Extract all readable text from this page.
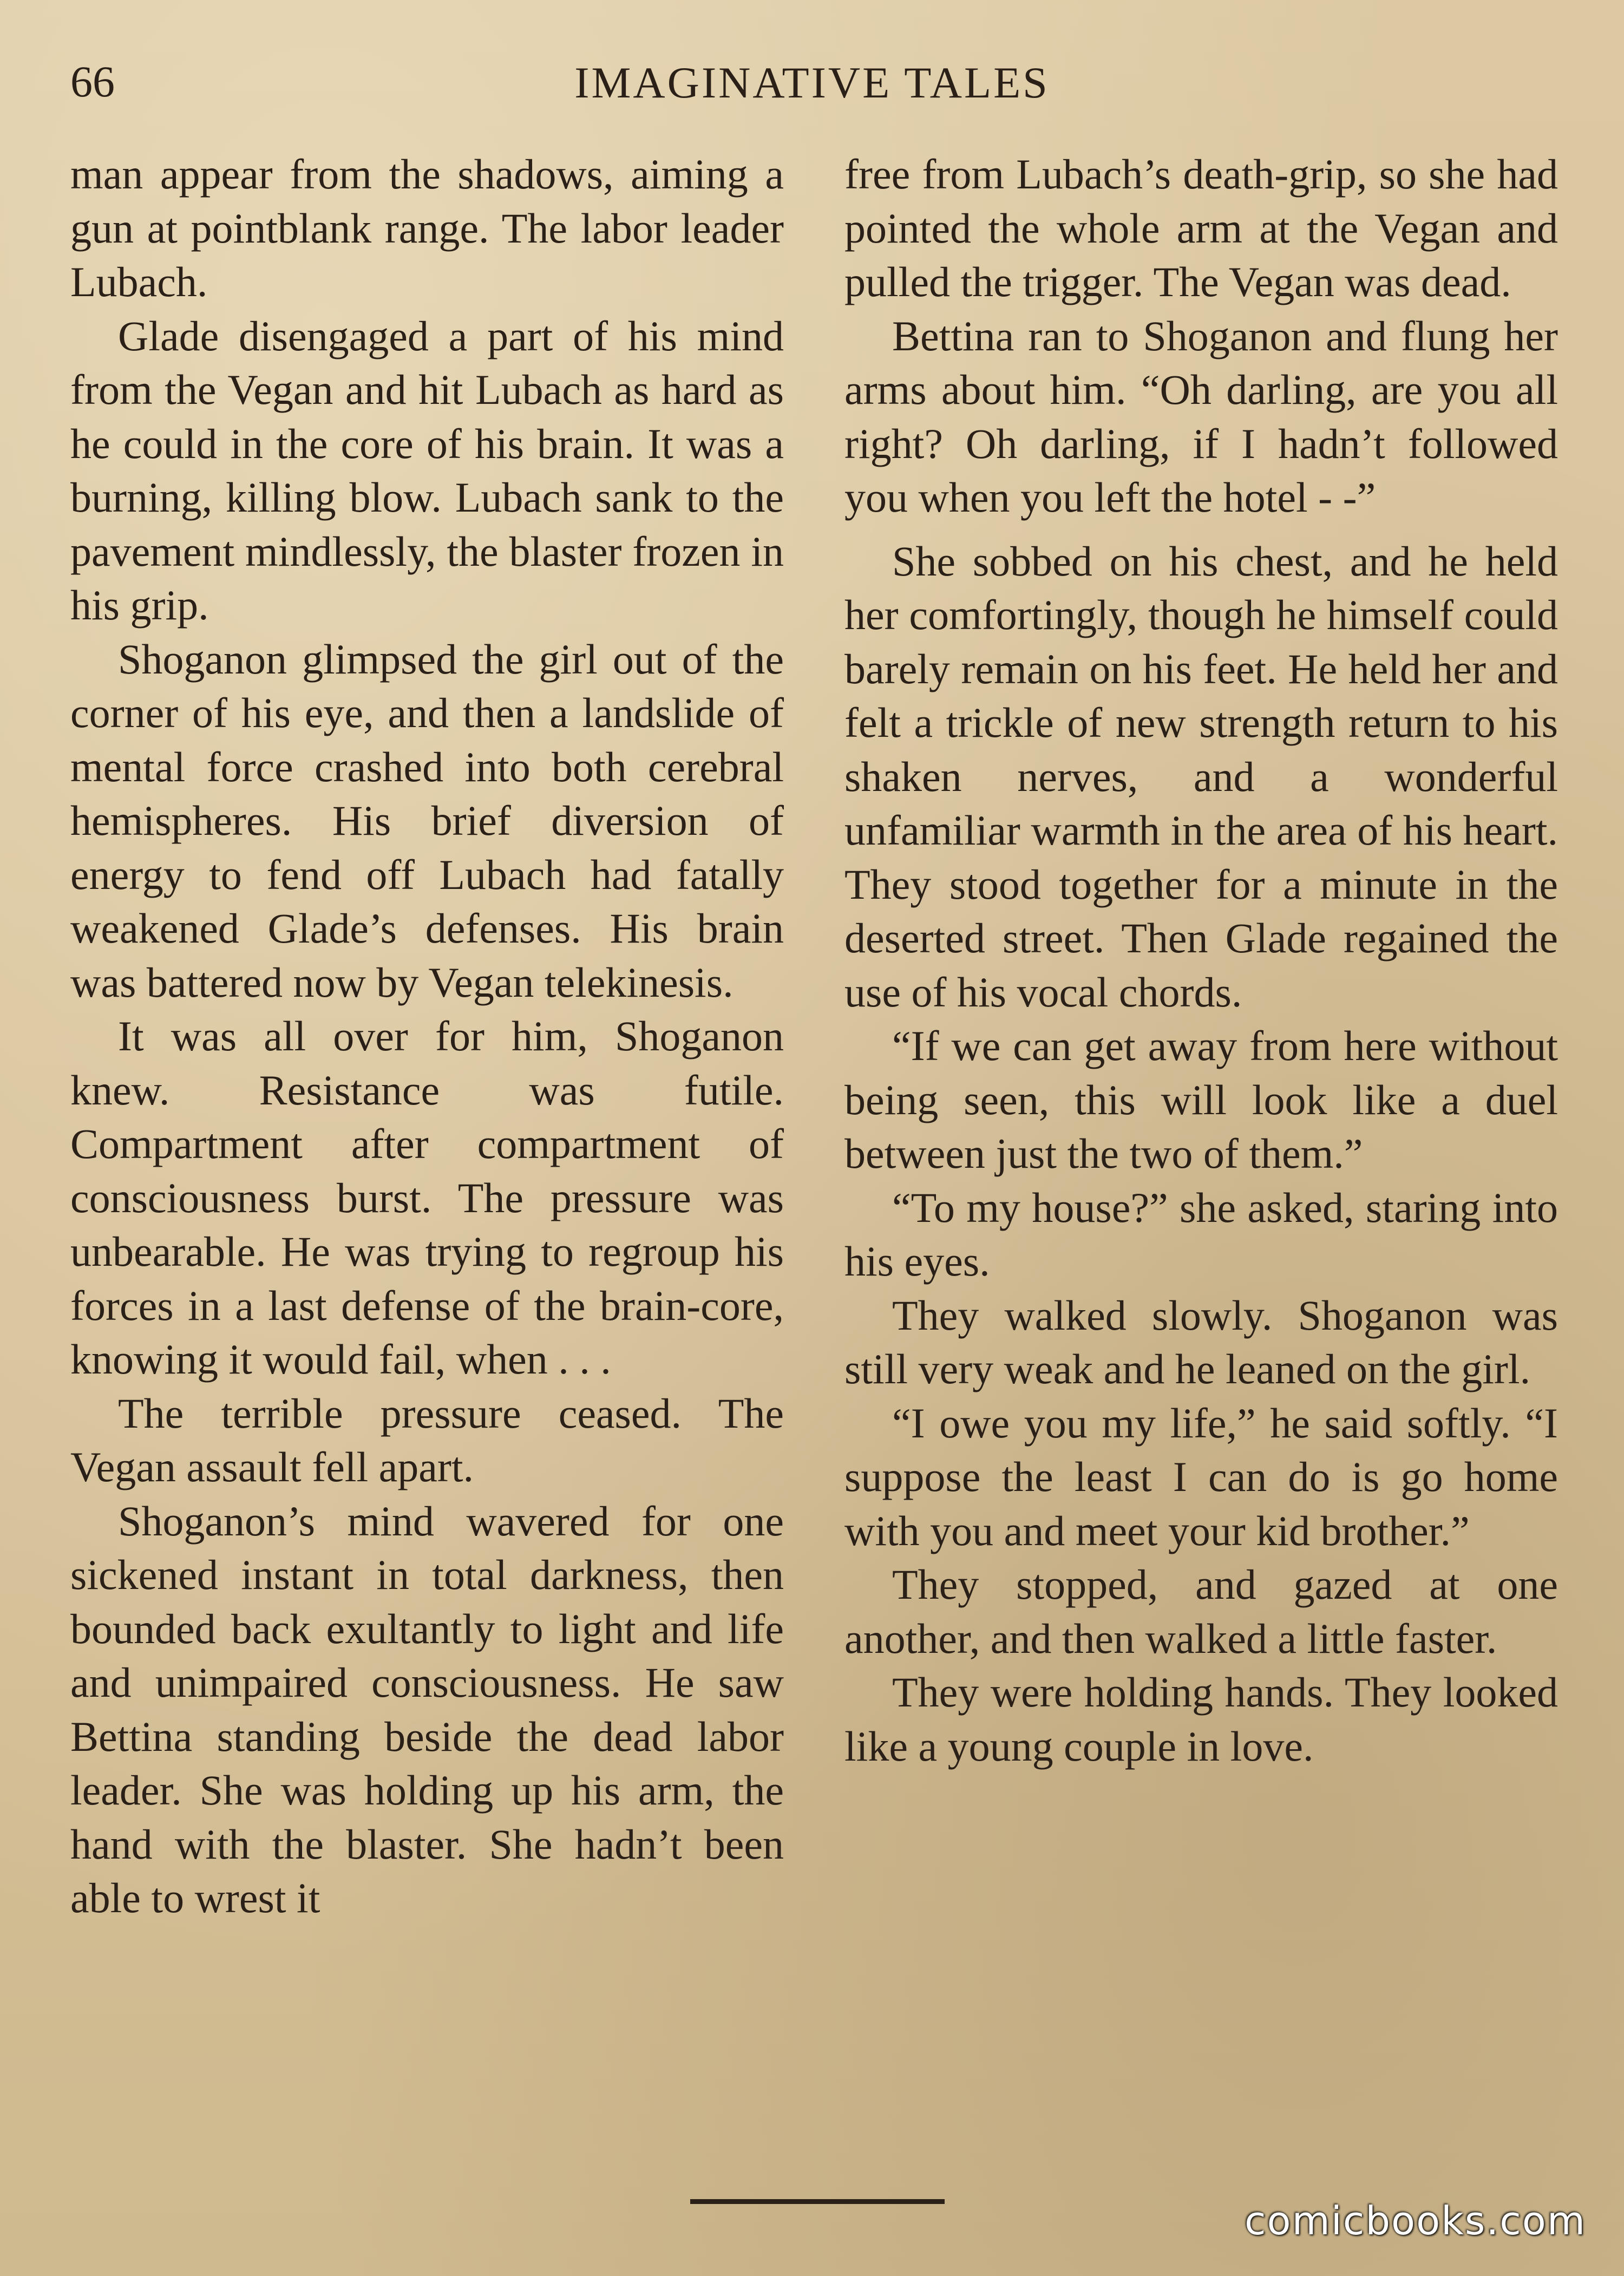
66	IMAGINATIVE TALES

man appear from the shadows, aiming a gun at pointblank range. The labor leader Lubach.

Glade disengaged a part of his mind from the Vegan and hit Lubach as hard as he could in the core of his brain. It was a burning, killing blow. Lubach sank to the pavement mindlessly, the blaster frozen in his grip.

Shoganon glimpsed the girl out of the corner of his eye, and then a landslide of mental force crashed into both cerebral hemispheres. His brief diversion of energy to fend off Lubach had fatally weakened Glade’s defenses. His brain was battered now by Vegan telekinesis.

It was all over for him, Shoganon knew. Resistance was futile. Compartment after compartment of consciousness burst. The pressure was unbearable. He was trying to regroup his forces in a last defense of the brain-core, knowing it would fail, when . . .

The terrible pressure ceased. The Vegan assault fell apart.

Shoganon’s mind wavered for one sickened instant in total darkness, then bounded back exultantly to light and life and unimpaired consciousness. He saw Bettina standing beside the dead labor leader. She was holding up his arm, the hand with the blaster. She hadn’t been able to wrest it

free from Lubach’s death-grip, so she had pointed the whole arm at the Vegan and pulled the trigger. The Vegan was dead.

Bettina ran to Shoganon and flung her arms about him. “Oh darling, are you all right? Oh darling, if I hadn’t followed you when you left the hotel - -”

She sobbed on his chest, and he held her comfortingly, though he himself could barely remain on his feet. He held her and felt a trickle of new strength return to his shaken nerves, and a wonderful unfamiliar warmth in the area of his heart. They stood together for a minute in the deserted street. Then Glade regained the use of his vocal chords.

“If we can get away from here without being seen, this will look like a duel between just the two of them.”

“To my house?” she asked, staring into his eyes.

They walked slowly. Shoganon was still very weak and he leaned on the girl.

“I owe you my life,” he said softly. “I suppose the least I can do is go home with you and meet your kid brother.”

They stopped, and gazed at one another, and then walked a little faster.

They were holding hands. They looked like a young couple in love.

comicbooks.com
